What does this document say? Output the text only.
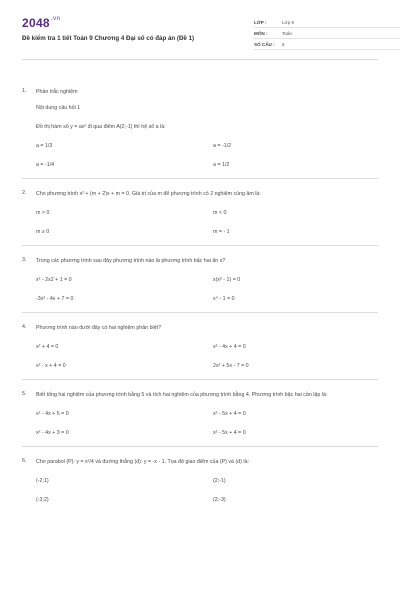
$2048^{.vn}$
Đề kiểm tra 1 tiết Toán 9 Chương 4 Đại số có đáp án (Đề 1)
LỚP :	Lớp 9
MÔN :	Toán
SỐ CÂU :	6
1.	Phần trắc nghiệm
Nội dung câu hỏi 1
Đồ thị hàm số y = ax² đi qua điểm A(2;-1) thì hệ số a là:
a = 1/3	a = -1/2
a = -1/4	a = 1/2
2.	Cho phương trình x² + (m + 2)x + m = 0. Giá trị của m để phương trình có 2 nghiệm cùng âm là:
m > 0	m < 0
m ≥ 0	m = - 1
3.	Trong các phương trình sau đây phương trình nào là phương trình bậc hai ẩn x?
x² - 2x2 + 1 = 0	x(x² - 1) = 0
-3x² - 4x + 7 = 0	x⁴ - 1 = 0
4.	Phương trình nào dưới đây có hai nghiệm phân biệt?
x² + 4 = 0	x² - 4x + 4 = 0
x² - x + 4 = 0	2x² + 5x - 7 = 0
5.	Biết tổng hai nghiệm của phương trình bằng 5 và tích hai nghiệm của phương trình bằng 4. Phương trình bậc hai cần lập là:
x² - 4x + 5 = 0	x² - 5x + 4 = 0
x² - 4x + 3 = 0	x² - 5x + 4 = 0
6.	Cho parabol (P): y = x²/4 và đường thẳng (d): y = -x - 1. Tọa độ giao điểm của (P) và (d) là:
(-2;1)	(2;-1)
(-3;2)	(2;-3)
